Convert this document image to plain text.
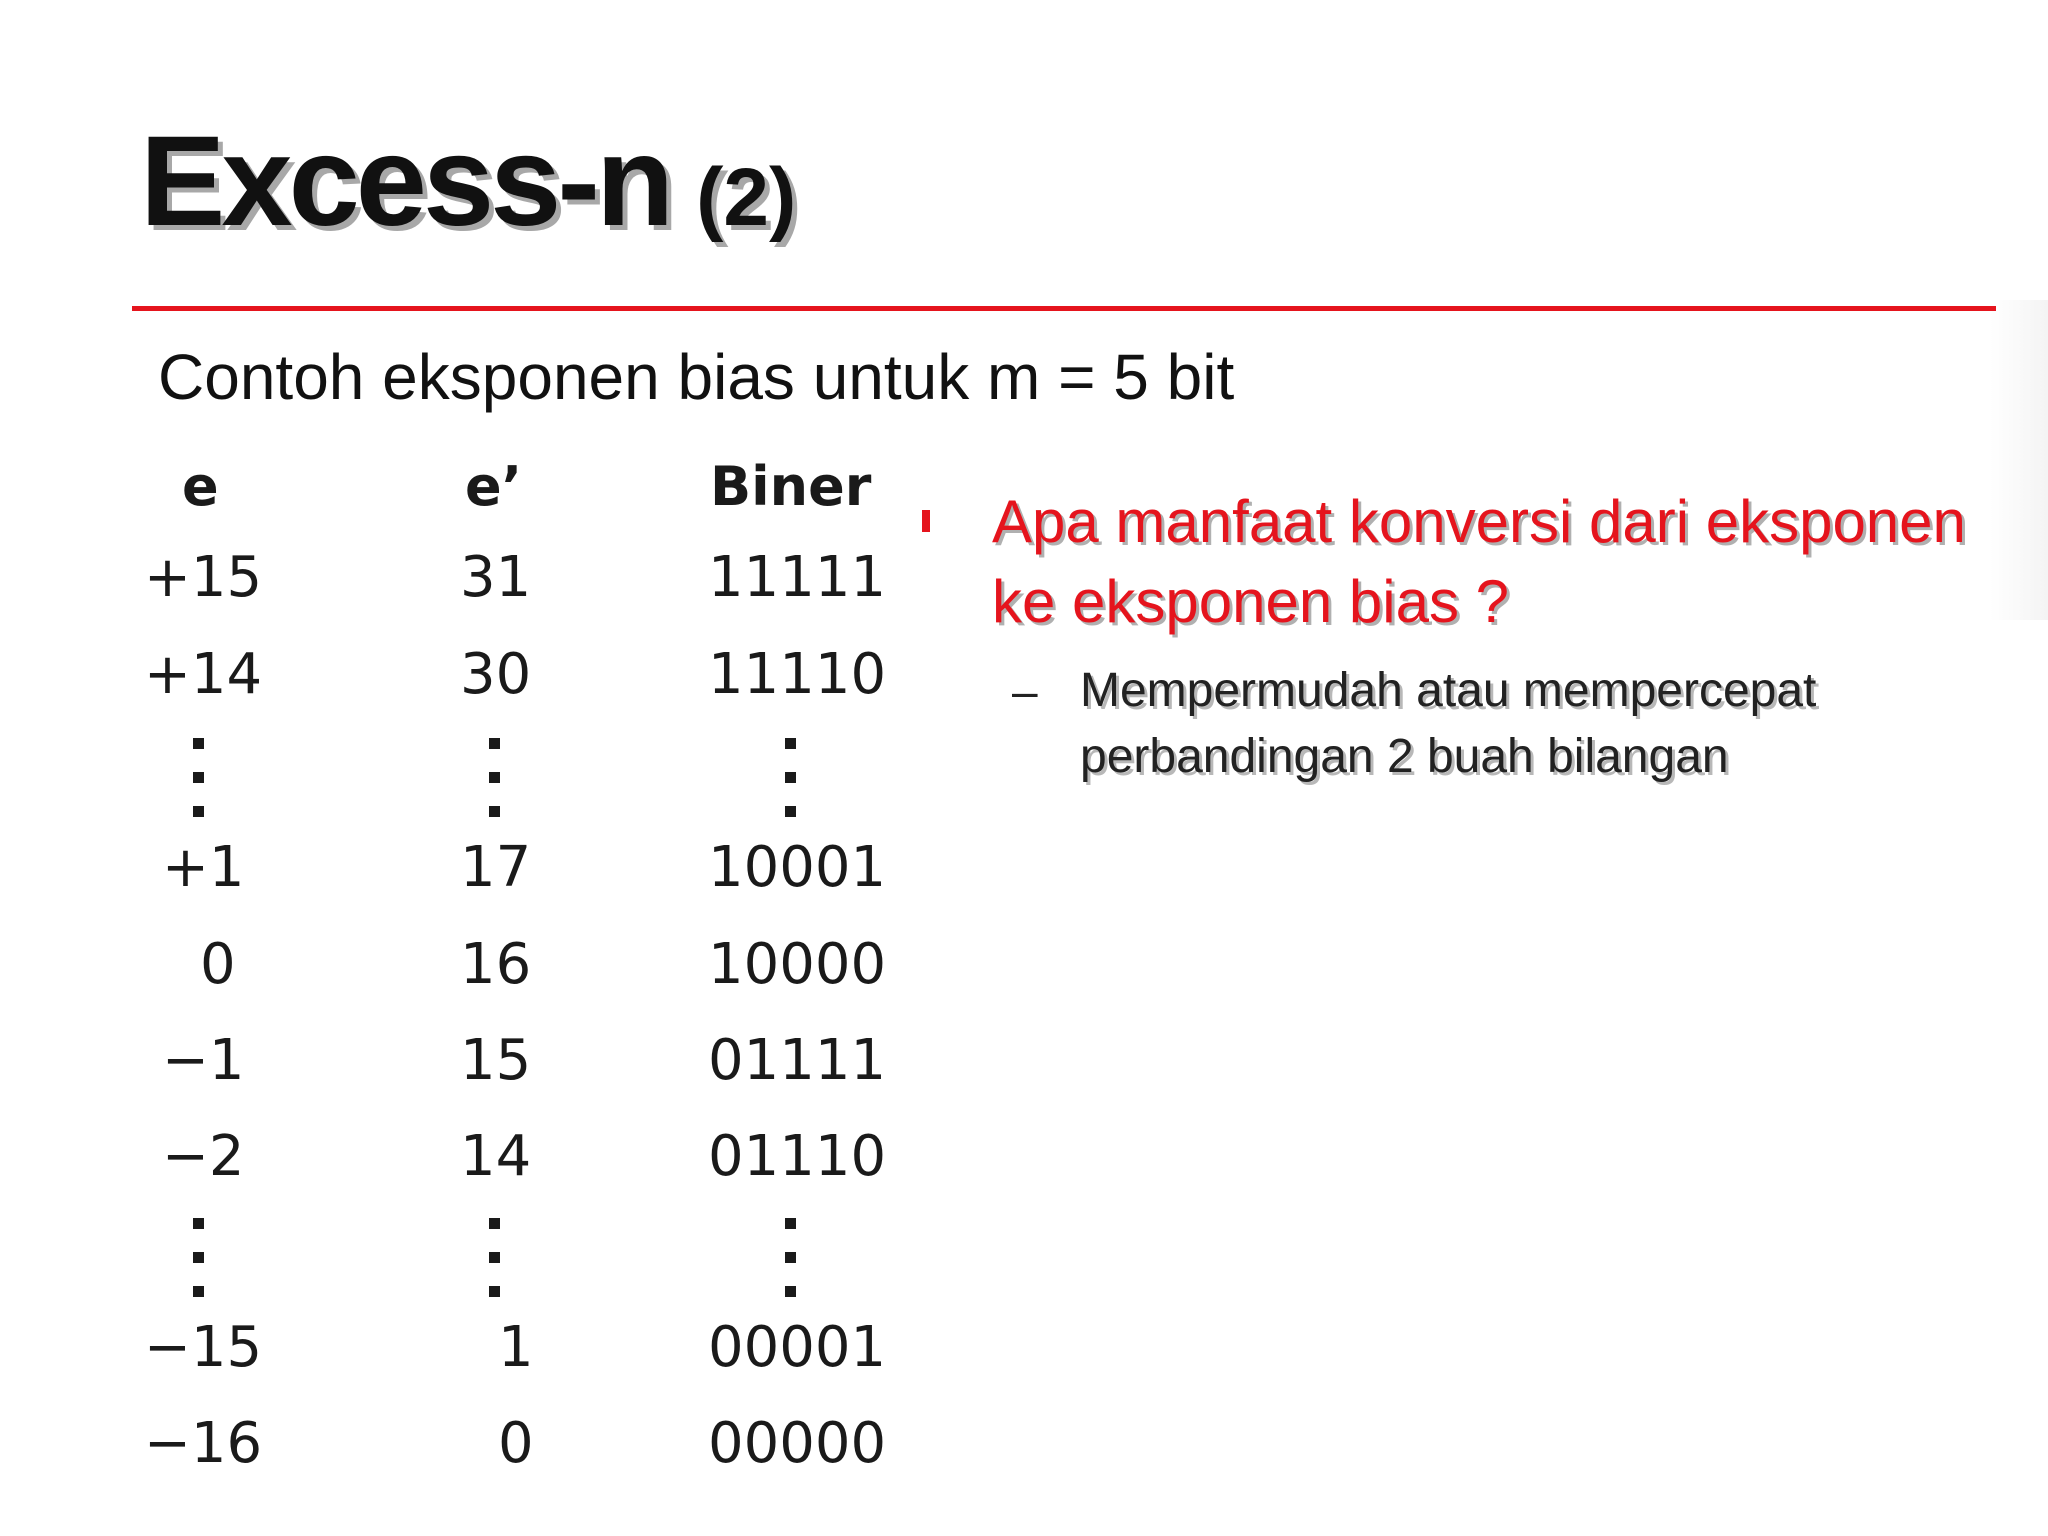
Excess-n (2)
Contoh eksponen bias untuk m = 5 bit
e	e’	Biner
+15	31	11111
+14	30	11110
+1	17	10001
0	16	10000
−1	15	01111
−2	14	01110
−15	1	00001
−16	0	00000
Apa manfaat konversi dari eksponen ke eksponen bias ?
– Mempermudah atau mempercepat perbandingan 2 buah bilangan
